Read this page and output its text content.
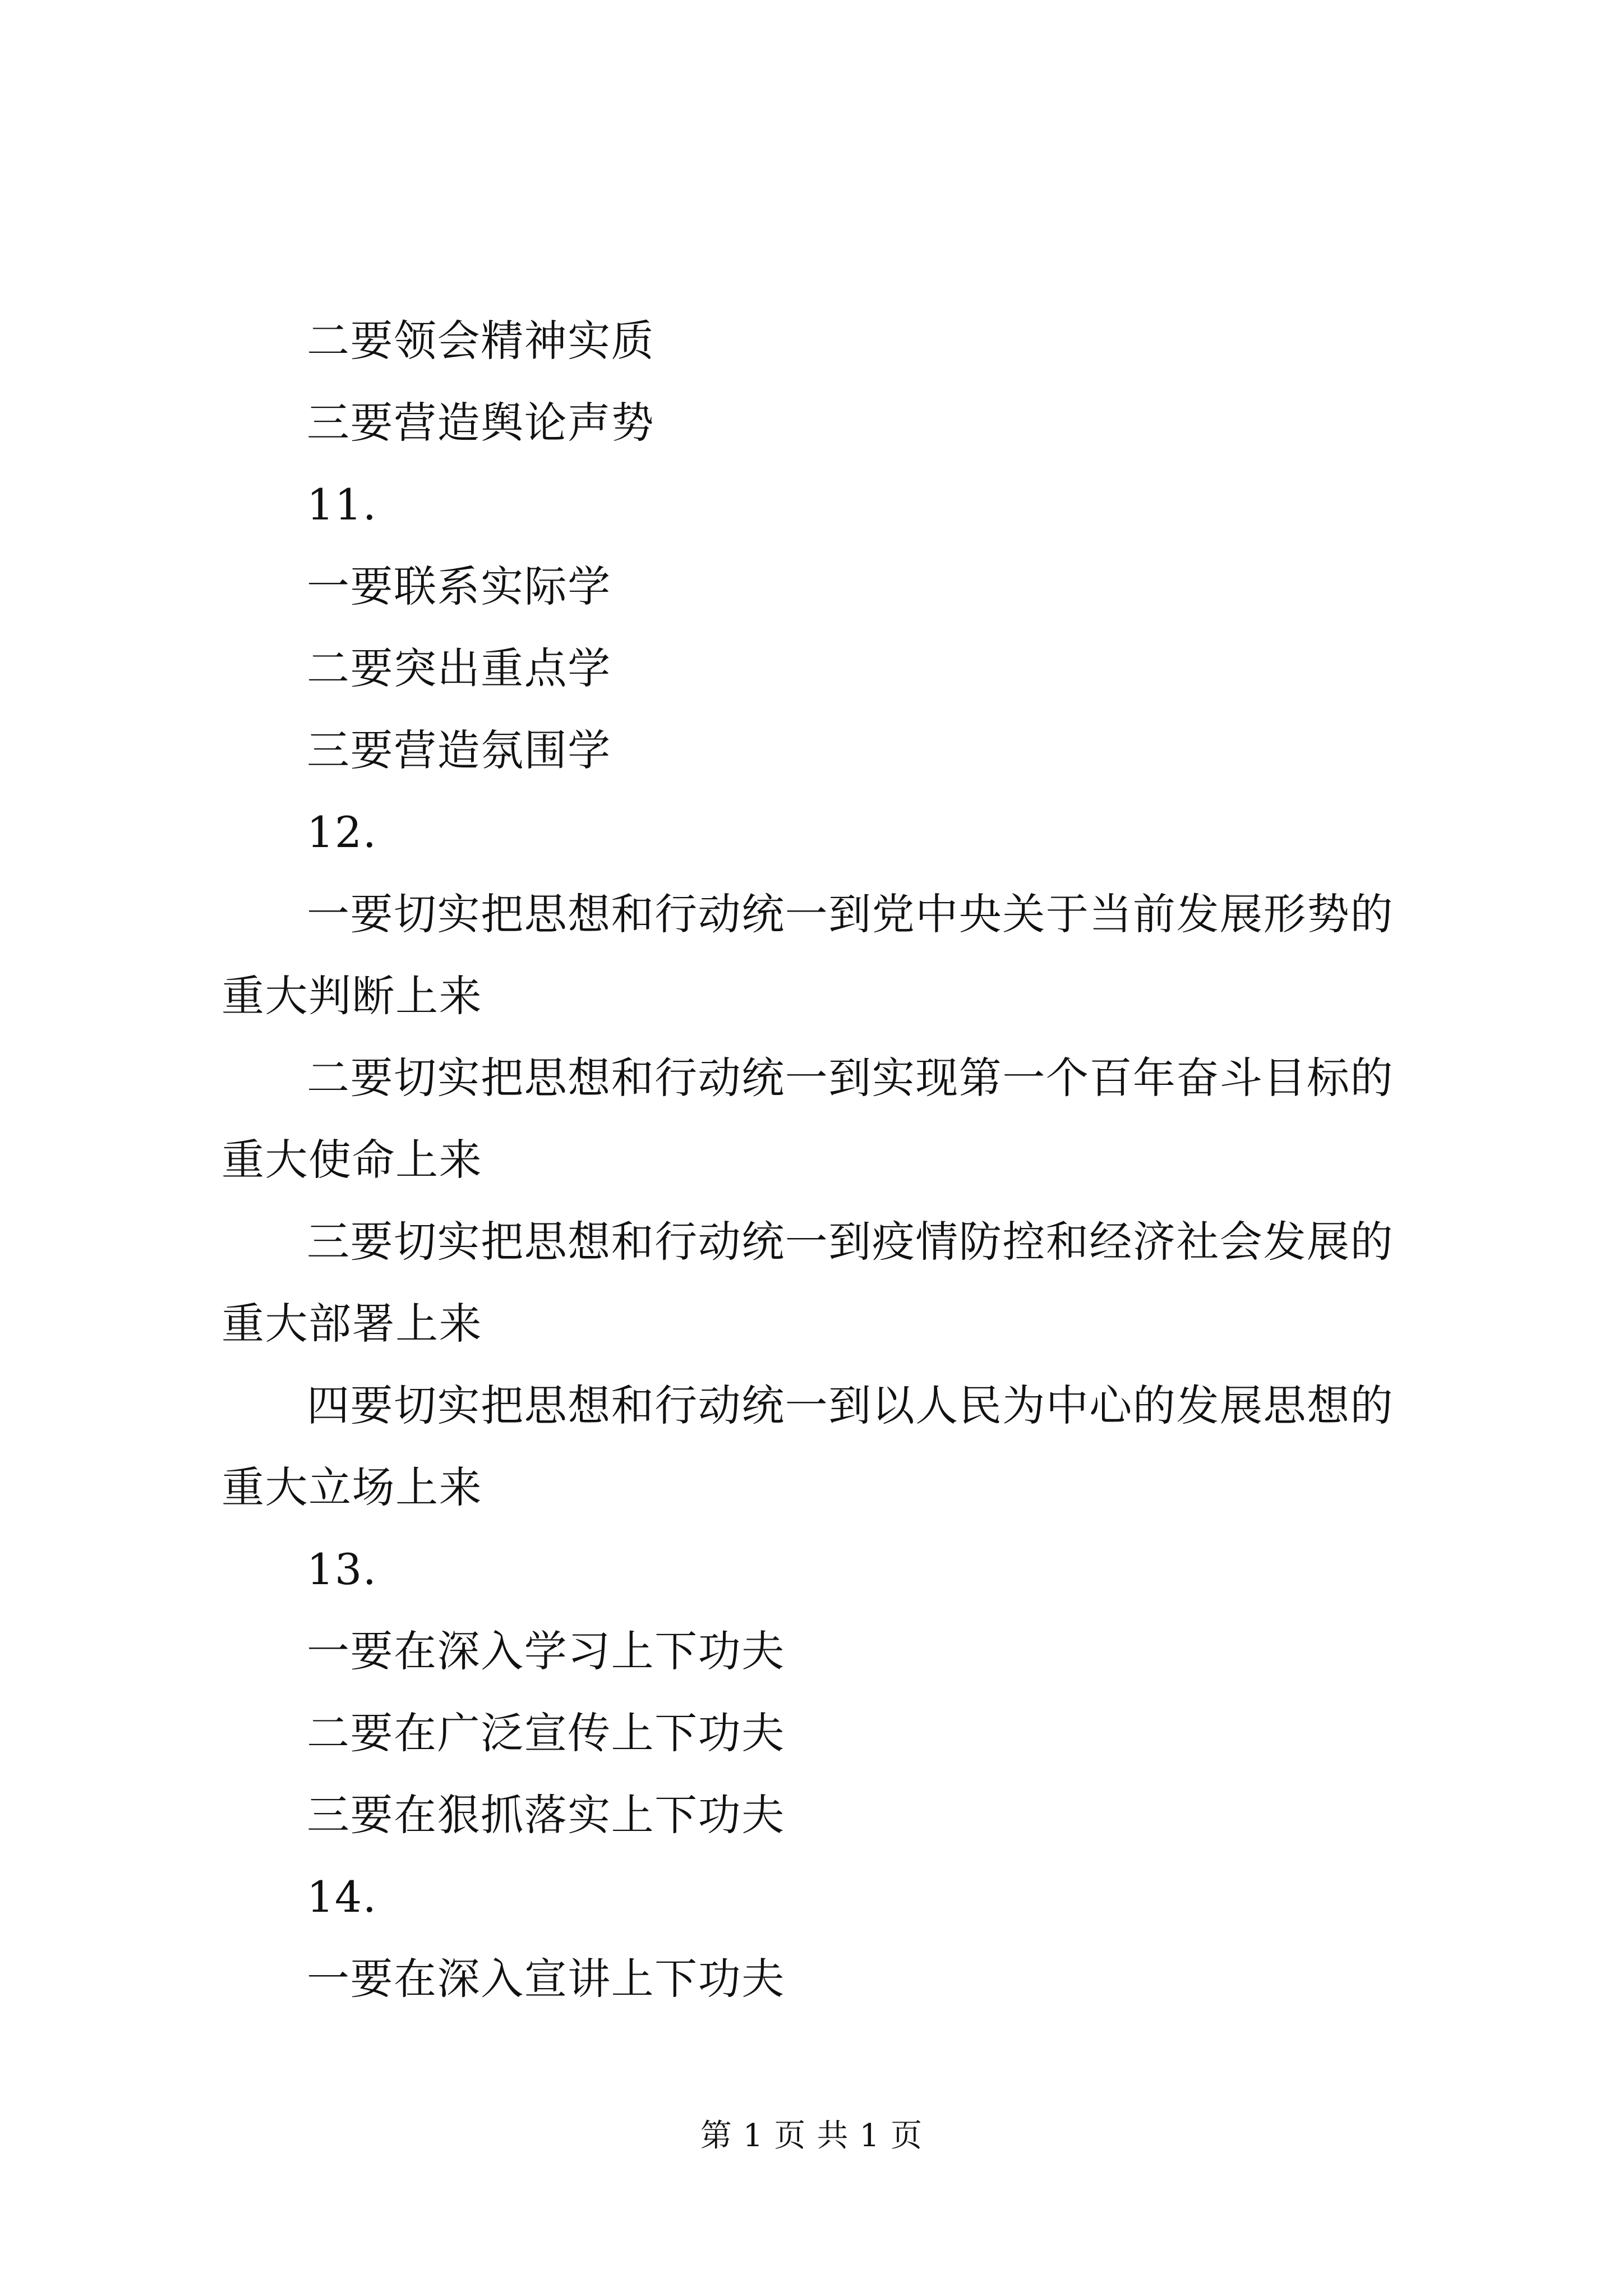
二要领会精神实质
三要营造舆论声势
11.
一要联系实际学
二要突出重点学
三要营造氛围学
12.
一要切实把思想和行动统一到党中央关于当前发展形势的重大判断上来
二要切实把思想和行动统一到实现第一个百年奋斗目标的重大使命上来
三要切实把思想和行动统一到疫情防控和经济社会发展的重大部署上来
四要切实把思想和行动统一到以人民为中心的发展思想的重大立场上来
13.
一要在深入学习上下功夫
二要在广泛宣传上下功夫
三要在狠抓落实上下功夫
14.
一要在深入宣讲上下功夫
第 1 页 共 1 页
